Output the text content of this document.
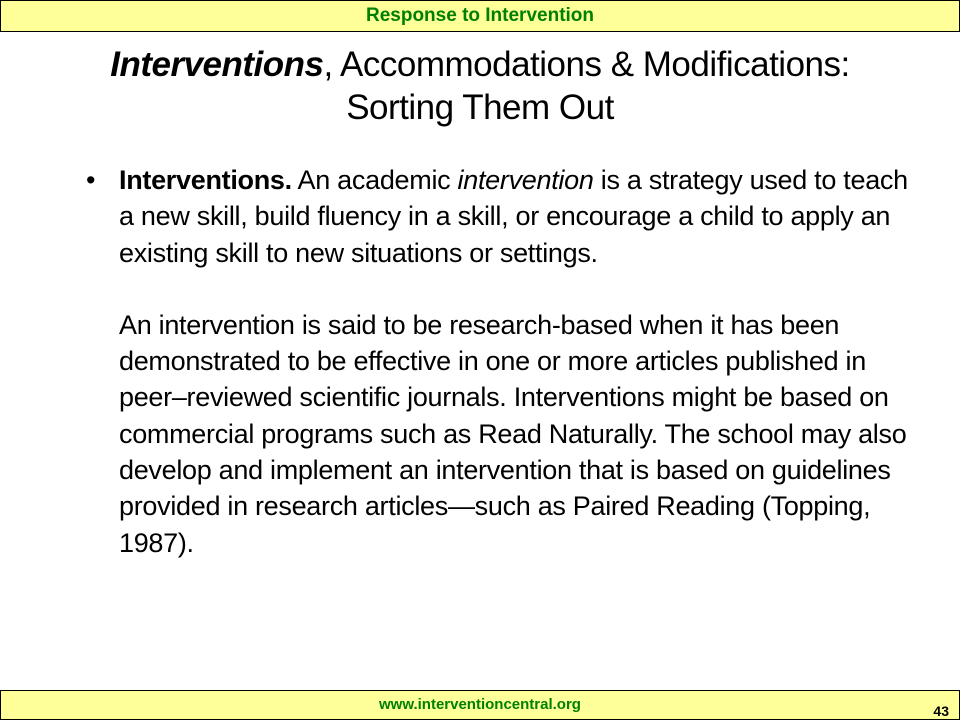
Response to Intervention
Interventions, Accommodations & Modifications:
Sorting Them Out
• Interventions. An academic intervention is a strategy used to teach a new skill, build fluency in a skill, or encourage a child to apply an existing skill to new situations or settings.
An intervention is said to be research-based when it has been demonstrated to be effective in one or more articles published in peer–reviewed scientific journals. Interventions might be based on commercial programs such as Read Naturally. The school may also develop and implement an intervention that is based on guidelines provided in research articles—such as Paired Reading (Topping, 1987).
www.interventioncentral.org	43
